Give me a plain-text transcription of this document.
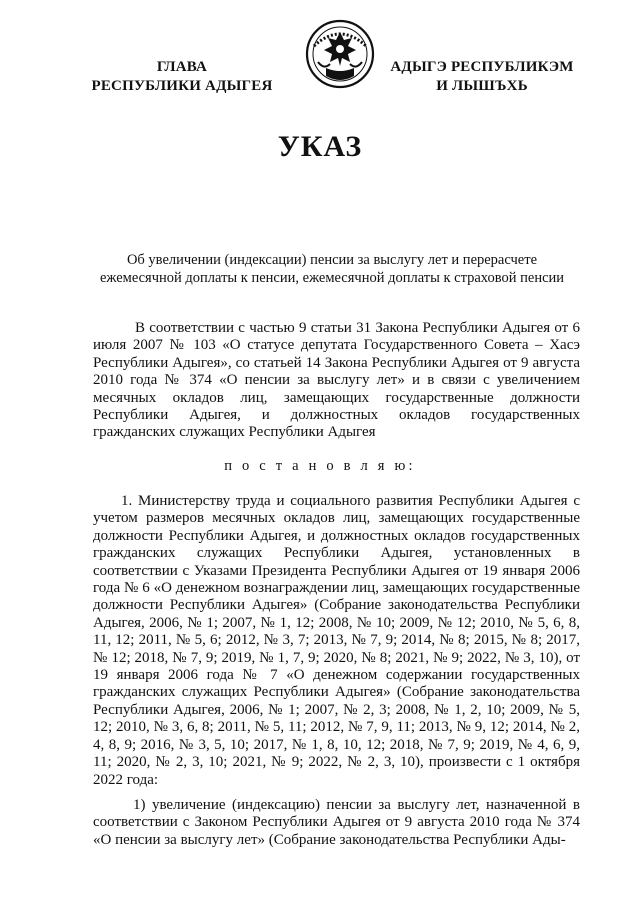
ГЛАВА
РЕСПУБЛИКИ АДЫГЕЯ
АДЫГЭ РЕСПУБЛИКЭМ
И ЛЫШЪХЬ
УКАЗ
Об увеличении (индексации) пенсии за выслугу лет и перерасчете
ежемесячной доплаты к пенсии, ежемесячной доплаты к страховой пенсии
В соответствии с частью 9 статьи 31 Закона Республики Адыгея от 6 июля 2007 № 103 «О статусе депутата Государственного Совета – Хасэ Республики Адыгея», со статьей 14 Закона Республики Адыгея от 9 августа 2010 года № 374 «О пенсии за выслугу лет» и в связи с увеличением месячных окладов лиц, замещающих государственные должности Республики Адыгея, и должностных окладов государственных гражданских служащих Республики Адыгея
п о с т а н о в л я ю:
1. Министерству труда и социального развития Республики Адыгея с учетом размеров месячных окладов лиц, замещающих государственные должности Республики Адыгея, и должностных окладов государственных гражданских служащих Республики Адыгея, установленных в соответствии с Указами Президента Республики Адыгея от 19 января 2006 года № 6 «О денежном вознаграждении лиц, замещающих государственные должности Республики Адыгея» (Собрание законодательства Республики Адыгея, 2006, № 1; 2007, № 1, 12; 2008, № 10; 2009, № 12; 2010, № 5, 6, 8, 11, 12; 2011, № 5, 6; 2012, № 3, 7; 2013, № 7, 9; 2014, № 8; 2015, № 8; 2017, № 12; 2018, № 7, 9; 2019, № 1, 7, 9; 2020, № 8; 2021, № 9; 2022, № 3, 10), от 19 января 2006 года № 7 «О денежном содержании государственных гражданских служащих Республики Адыгея» (Собрание законодательства Республики Адыгея, 2006, № 1; 2007, № 2, 3; 2008, № 1, 2, 10; 2009, № 5, 12; 2010, № 3, 6, 8; 2011, № 5, 11; 2012, № 7, 9, 11; 2013, № 9, 12; 2014, № 2, 4, 8, 9; 2016, № 3, 5, 10; 2017, № 1, 8, 10, 12; 2018, № 7, 9; 2019, № 4, 6, 9, 11; 2020, № 2, 3, 10; 2021, № 9; 2022, № 2, 3, 10), произвести с 1 октября 2022 года:
1) увеличение (индексацию) пенсии за выслугу лет, назначенной в соответствии с Законом Республики Адыгея от 9 августа 2010 года № 374 «О пенсии за выслугу лет» (Собрание законодательства Республики Ады-
